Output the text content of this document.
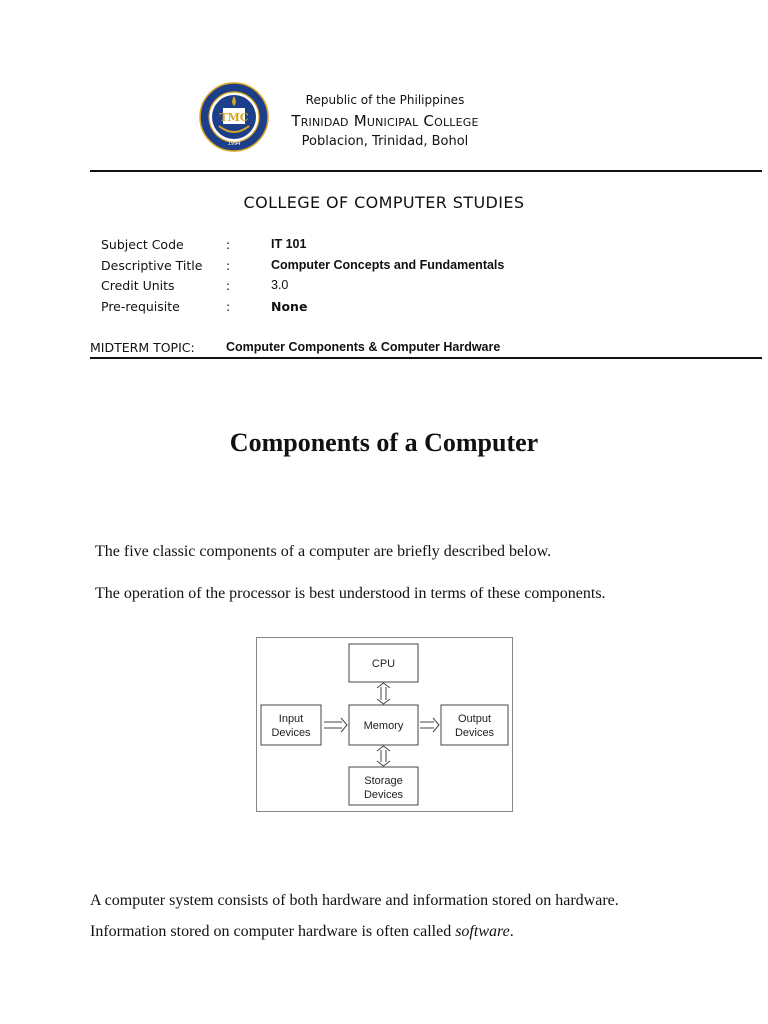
TMC
1994
Republic of the Philippines
Trinidad Municipal College
Poblacion, Trinidad, Bohol
COLLEGE OF COMPUTER STUDIES
Subject Code	:	IT 101
Descriptive Title :	Computer Concepts and Fundamentals
Credit Units	:	3.0
Pre-requisite	:	None
MIDTERM TOPIC:	Computer Components & Computer Hardware
Components of a Computer
The five classic components of a computer are briefly described below.
The operation of the processor is best understood in terms of these components.
CPU
Memory
Input
Devices
Output
Devices
Storage
Devices
A computer system consists of both hardware and information stored on hardware.
Information stored on computer hardware is often called software.
